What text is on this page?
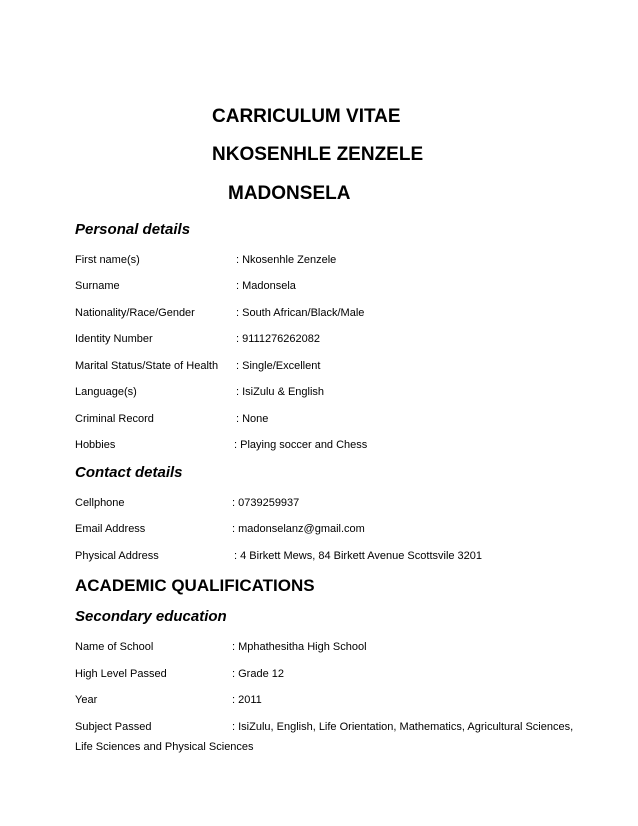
CARRICULUM VITAE
NKOSENHLE ZENZELE
MADONSELA
Personal details
First name(s)	: Nkosenhle Zenzele
Surname	: Madonsela
Nationality/Race/Gender	: South African/Black/Male
Identity Number	: 9111276262082
Marital Status/State of Health : Single/Excellent
Language(s)	: IsiZulu & English
Criminal Record	: None
Hobbies	: Playing soccer and Chess
Contact details
Cellphone	: 0739259937
Email Address	: madonselanz@gmail.com
Physical Address	: 4 Birkett Mews, 84 Birkett Avenue Scottsvile 3201
ACADEMIC QUALIFICATIONS
Secondary education
Name of School	: Mphathesitha High School
High Level Passed	: Grade 12
Year	: 2011
Subject Passed	: IsiZulu, English, Life Orientation, Mathematics, Agricultural Sciences,
Life Sciences and Physical Sciences
